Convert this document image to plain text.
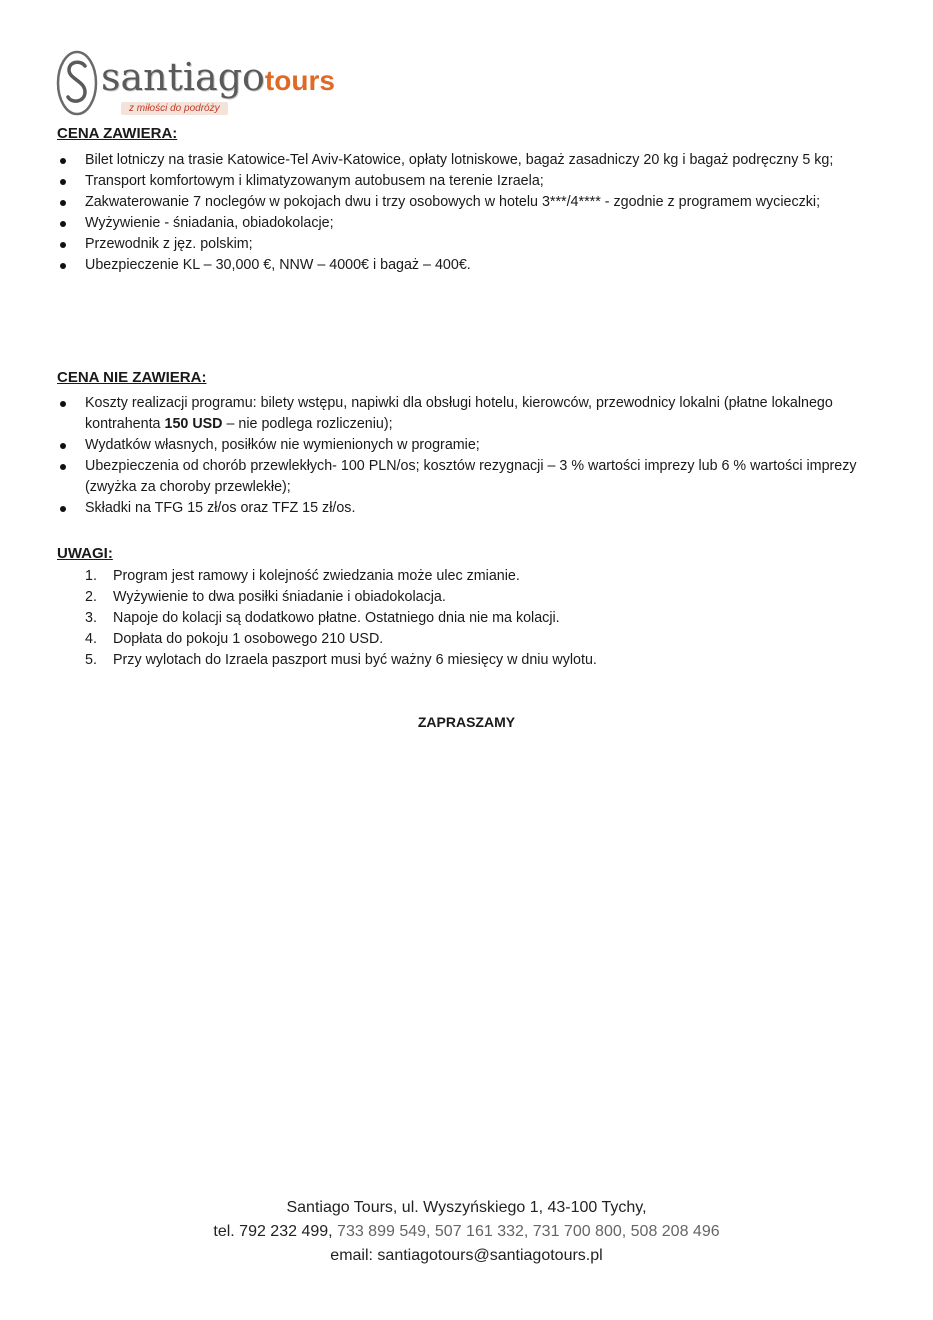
santiagotours
z miłości do podróży
CENA ZAWIERA:
Bilet lotniczy na trasie Katowice-Tel Aviv-Katowice, opłaty lotniskowe, bagaż zasadniczy 20 kg i bagaż podręczny 5 kg;
Transport komfortowym i klimatyzowanym autobusem na terenie Izraela;
Zakwaterowanie 7 noclegów w pokojach dwu i trzy osobowych w hotelu 3***/4**** - zgodnie z programem wycieczki;
Wyżywienie - śniadania, obiadokolacje;
Przewodnik z jęz. polskim;
Ubezpieczenie KL – 30,000 €, NNW – 4000€ i bagaż – 400€.
CENA NIE ZAWIERA:
Koszty realizacji programu: bilety wstępu, napiwki dla obsługi hotelu, kierowców, przewodnicy lokalni (płatne lokalnego kontrahenta 150 USD – nie podlega rozliczeniu);
Wydatków własnych, posiłków nie wymienionych w programie;
Ubezpieczenia od chorób przewlekłych- 100 PLN/os; kosztów rezygnacji – 3 % wartości imprezy lub 6 % wartości imprezy (zwyżka za choroby przewlekłe);
Składki na TFG 15 zł/os oraz TFZ 15 zł/os.
UWAGI:
1. Program jest ramowy i kolejność zwiedzania może ulec zmianie.
2. Wyżywienie to dwa posiłki śniadanie i obiadokolacja.
3. Napoje do kolacji są dodatkowo płatne. Ostatniego dnia nie ma kolacji.
4. Dopłata do pokoju 1 osobowego 210 USD.
5. Przy wylotach do Izraela paszport musi być ważny 6 miesięcy w dniu wylotu.
ZAPRASZAMY
Santiago Tours, ul. Wyszyńskiego 1, 43-100 Tychy,
tel. 792 232 499, 733 899 549, 507 161 332, 731 700 800, 508 208 496
email: santiagotours@santiagotours.pl
